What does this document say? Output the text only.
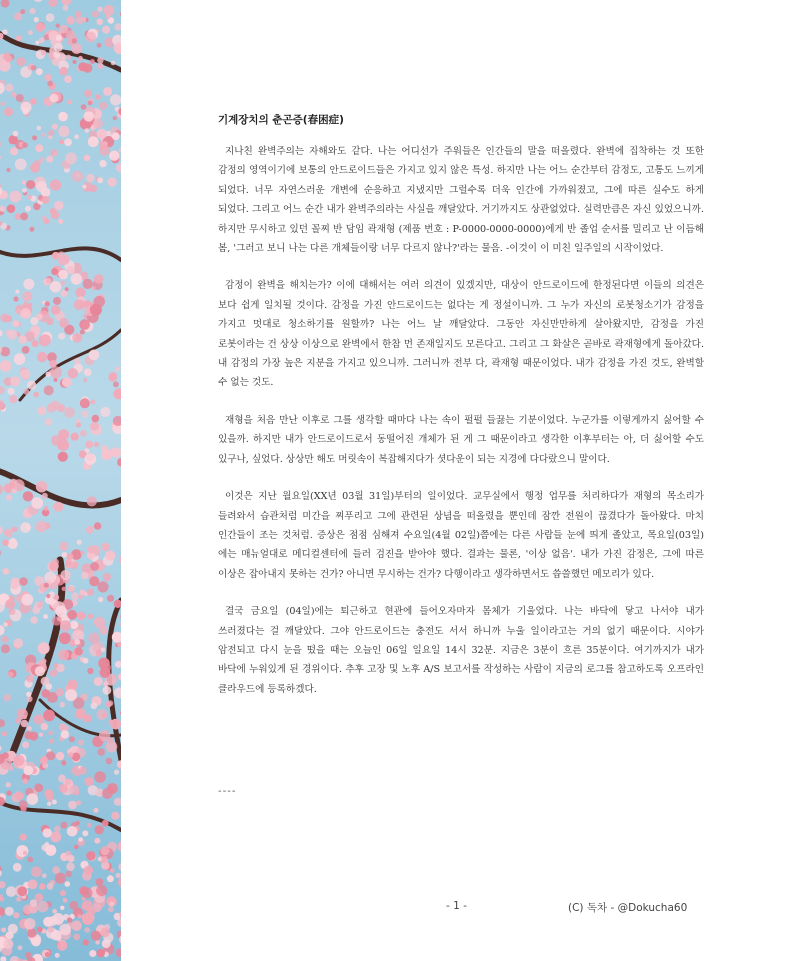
기계장치의 춘곤증(春困症)

지나친 완벽주의는 자해와도 같다. 나는 어디선가 주워들은 인간들의 말을 떠올렸다. 완벽에 집착하는 것 또한 감정의 영역이기에 보통의 안드로이드들은 가지고 있지 않은 특성. 하지만 나는 어느 순간부터 감정도, 고통도 느끼게 되었다. 너무 자연스러운 개변에 순응하고 지냈지만 그럴수록 더욱 인간에 가까워졌고, 그에 따른 실수도 하게 되었다. 그리고 어느 순간 내가 완벽주의라는 사실을 깨달았다. 거기까지도 상관없었다. 실력만큼은 자신 있었으니까. 하지만 무시하고 있던 꼴찌 반 담임 곽재형 (제품 번호 : P-0000-0000-0000)에게 반 졸업 순서를 밀리고 난 이듬해 봄, '그러고 보니 나는 다른 개체들이랑 너무 다르지 않나?'라는 물음. -이것이 이 미친 일주일의 시작이었다.

감정이 완벽을 해치는가? 이에 대해서는 여러 의견이 있겠지만, 대상이 안드로이드에 한정된다면 이들의 의견은 보다 쉽게 일치될 것이다. 감정을 가진 안드로이드는 없다는 게 정설이니까. 그 누가 자신의 로봇청소기가 감정을 가지고 멋대로 청소하기를 원할까? 나는 어느 날 깨달았다. 그동안 자신만만하게 살아왔지만, 감정을 가진 로봇이라는 건 상상 이상으로 완벽에서 한참 먼 존재일지도 모른다고. 그리고 그 화살은 곧바로 곽재형에게 돌아갔다. 내 감정의 가장 높은 지분을 가지고 있으니까. 그러니까 전부 다, 곽재형 때문이었다. 내가 감정을 가진 것도, 완벽할 수 없는 것도.

재형을 처음 만난 이후로 그를 생각할 때마다 나는 속이 펄펄 들끓는 기분이었다. 누군가를 이렇게까지 싫어할 수 있을까. 하지만 내가 안드로이드로서 동떨어진 개체가 된 게 그 때문이라고 생각한 이후부터는 아, 더 싫어할 수도 있구나, 싶었다. 상상만 해도 머릿속이 복잡해지다가 셧다운이 되는 지경에 다다랐으니 말이다.

이것은 지난 월요일(XX년 03월 31일)부터의 일이었다. 교무실에서 행정 업무를 처리하다가 재형의 목소리가 들려와서 습관처럼 미간을 찌푸리고 그에 관련된 상념을 떠올렸을 뿐인데 잠깐 전원이 끊겼다가 돌아왔다. 마치 인간들이 조는 것처럼. 증상은 점점 심해져 수요일(4월 02일)쯤에는 다른 사람들 눈에 띄게 졸았고, 목요일(03일)에는 매뉴얼대로 메디컬센터에 들러 검진을 받아야 했다. 결과는 물론, '이상 없음'. 내가 가진 감정은, 그에 따른 이상은 잡아내지 못하는 건가? 아니면 무시하는 건가? 다행이라고 생각하면서도 씁쓸했던 메모리가 있다.

결국 금요일 (04일)에는 퇴근하고 현관에 들어오자마자 몸체가 기울었다. 나는 바닥에 닿고 나서야 내가 쓰러졌다는 걸 깨달았다. 그야 안드로이드는 충전도 서서 하니까 누울 일이라고는 거의 없기 때문이다. 시야가 암전되고 다시 눈을 떴을 때는 오늘인 06일 일요일 14시 32분. 지금은 3분이 흐른 35분이다. 여기까지가 내가 바닥에 누워있게 된 경위이다. 추후 고장 및 노후 A/S 보고서를 작성하는 사람이 지금의 로그를 참고하도록 오프라인 클라우드에 등록하겠다.

----
- 1 -	(C) 독차 - @Dokucha60
